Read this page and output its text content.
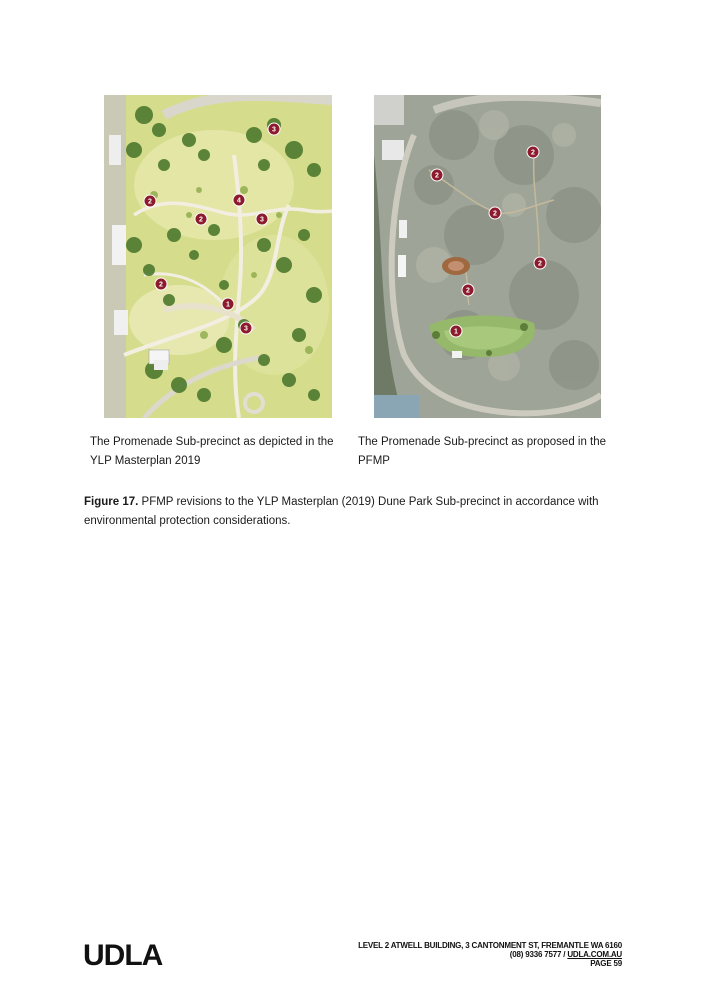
3
2
2
4
3
2
1
3
2
2
2
2
2
1
The Promenade Sub-precinct as depicted in the YLP Masterplan 2019
The Promenade Sub-precinct as proposed in the PFMP
Figure 17. PFMP revisions to the YLP Masterplan (2019) Dune Park Sub-precinct in accordance with environmental protection considerations.
UDLA	LEVEL 2 ATWELL BUILDING, 3 CANTONMENT ST, FREMANTLE WA 6160
(08) 9336 7577 / UDLA.COM.AU
PAGE 59
